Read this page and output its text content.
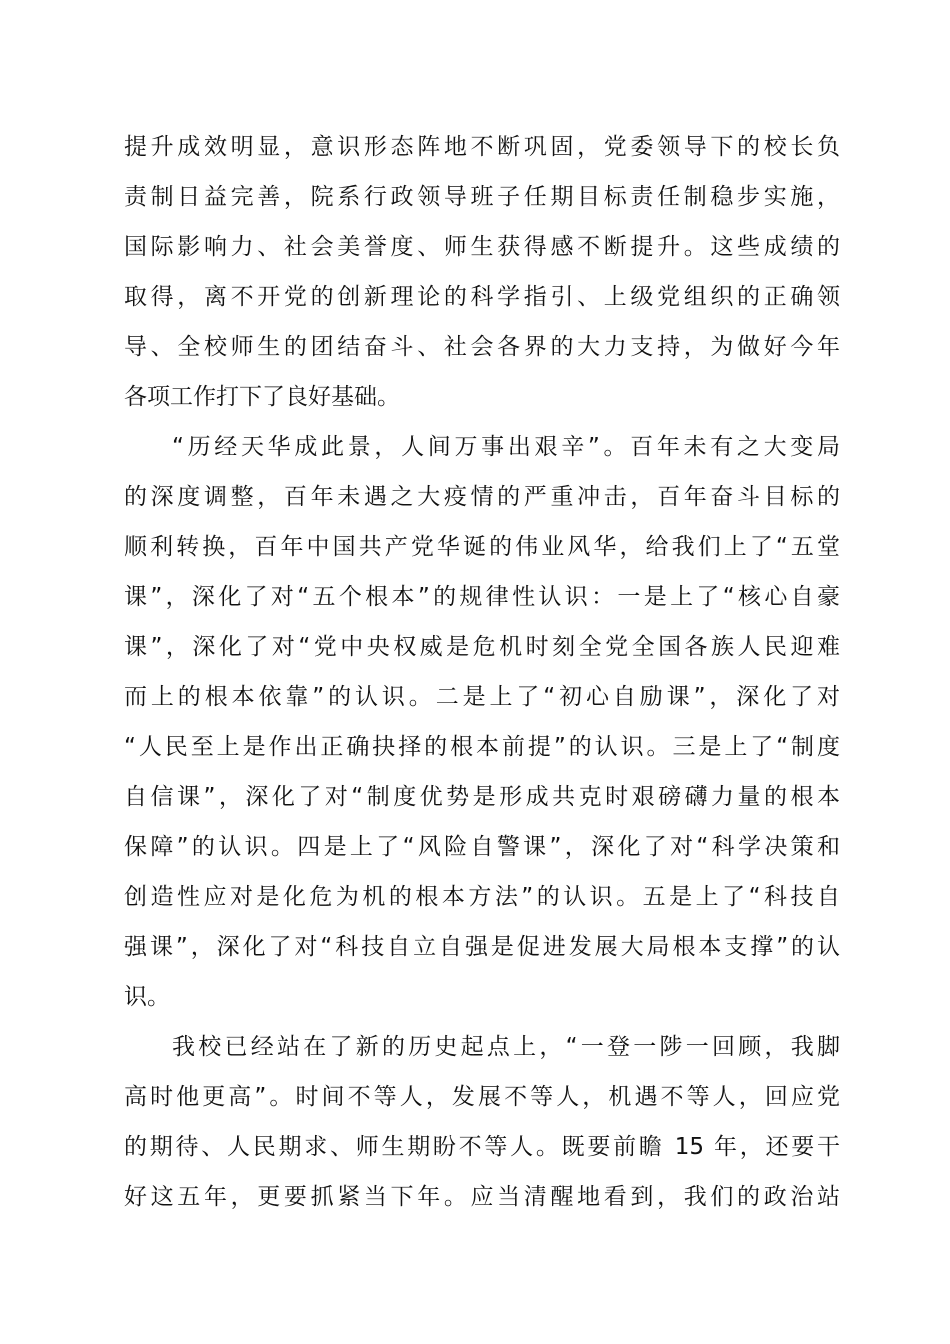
提升成效明显，意识形态阵地不断巩固，党委领导下的校长负
责制日益完善，院系行政领导班子任期目标责任制稳步实施，
国际影响力、社会美誉度、师生获得感不断提升。这些成绩的
取得，离不开党的创新理论的科学指引、上级党组织的正确领
导、全校师生的团结奋斗、社会各界的大力支持，为做好今年
各项工作打下了良好基础。
“历经天华成此景，人间万事出艰辛”。百年未有之大变局
的深度调整，百年未遇之大疫情的严重冲击，百年奋斗目标的
顺利转换，百年中国共产党华诞的伟业风华，给我们上了“五堂
课”，深化了对“五个根本”的规律性认识：一是上了“核心自豪
课”，深化了对“党中央权威是危机时刻全党全国各族人民迎难
而上的根本依靠”的认识。二是上了“初心自励课”，深化了对
“人民至上是作出正确抉择的根本前提”的认识。三是上了“制度
自信课”，深化了对“制度优势是形成共克时艰磅礴力量的根本
保障”的认识。四是上了“风险自警课”，深化了对“科学决策和
创造性应对是化危为机的根本方法”的认识。五是上了“科技自
强课”，深化了对“科技自立自强是促进发展大局根本支撑”的认
识。
我校已经站在了新的历史起点上，“一登一陟一回顾，我脚
高时他更高”。时间不等人，发展不等人，机遇不等人，回应党
的期待、人民期求、师生期盼不等人。既要前瞻 15 年，还要干
好这五年，更要抓紧当下年。应当清醒地看到，我们的政治站
